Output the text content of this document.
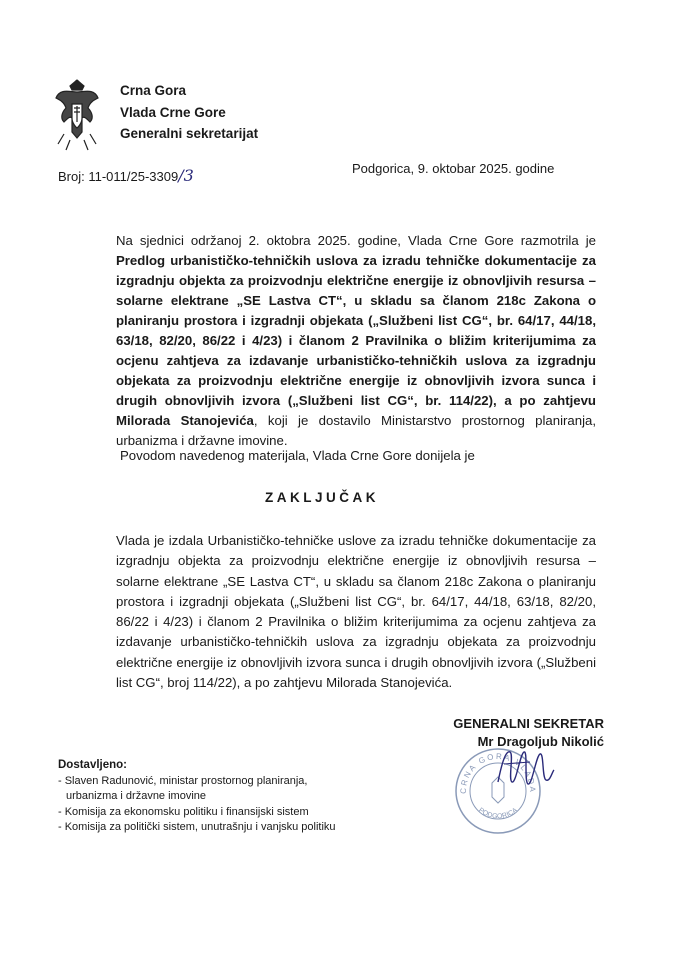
Crna Gora
Vlada Crne Gore
Generalni sekretarijat
Broj: 11-011/25-3309/3	Podgorica, 9. oktobar 2025. godine
Na sjednici održanoj 2. oktobra 2025. godine, Vlada Crne Gore razmotrila je Predlog urbanističko-tehničkih uslova za izradu tehničke dokumentacije za izgradnju objekta za proizvodnju električne energije iz obnovljivih resursa – solarne elektrane „SE Lastva CT“, u skladu sa članom 218c Zakona o planiranju prostora i izgradnji objekata („Službeni list CG“, br. 64/17, 44/18, 63/18, 82/20, 86/22 i 4/23) i članom 2 Pravilnika o bližim kriterijumima za ocjenu zahtjeva za izdavanje urbanističko-tehničkih uslova za izgradnju objekata za proizvodnju električne energije iz obnovljivih izvora sunca i drugih obnovljivih izvora („Službeni list CG“, br. 114/22), a po zahtjevu Milorada Stanojevića, koji je dostavilo Ministarstvo prostornog planiranja, urbanizma i državne imovine.
Povodom navedenog materijala, Vlada Crne Gore donijela je
ZAKLJUČAK
Vlada je izdala Urbanističko-tehničke uslove za izradu tehničke dokumentacije za izgradnju objekta za proizvodnju električne energije iz obnovljivih resursa – solarne elektrane „SE Lastva CT“, u skladu sa članom 218c Zakona o planiranju prostora i izgradnji objekata („Službeni list CG“, br. 64/17, 44/18, 63/18, 82/20, 86/22 i 4/23) i članom 2 Pravilnika o bližim kriterijumima za ocjenu zahtjeva za izdavanje urbanističko-tehničkih uslova za izgradnju objekata za proizvodnju električne energije iz obnovljivih izvora sunca i drugih obnovljivih izvora („Službeni list CG“, broj 114/22), a po zahtjevu Milorada Stanojevića.
CRNA GORA VLADA
PODGORICA
GENERALNI SEKRETAR
Mr Dragoljub Nikolić
Dostavljeno:
- Slaven Radunović, ministar prostornog planiranja,
urbanizma i državne imovine
- Komisija za ekonomsku politiku i finansijski sistem
- Komisija za politički sistem, unutrašnju i vanjsku politiku
